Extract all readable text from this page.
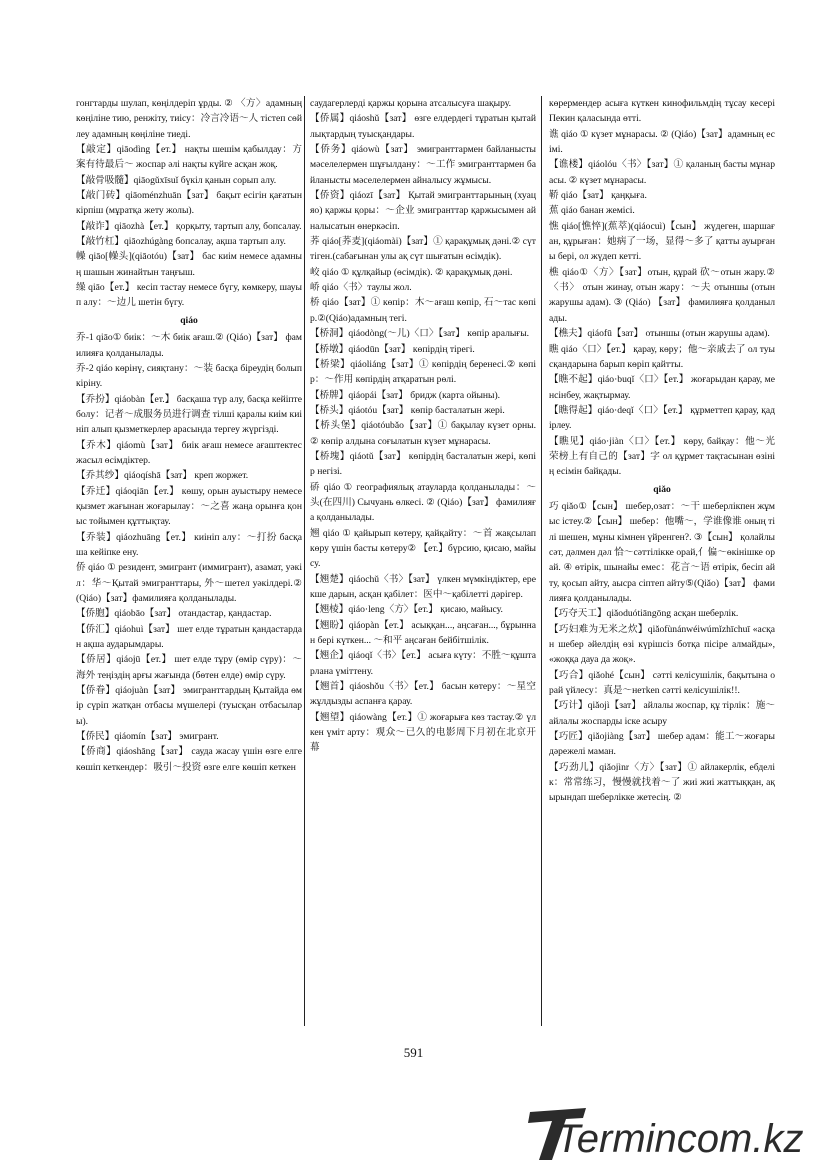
гонгтарды шулап, көңілдеріп ұрды. ② 〈方〉адамның көңіліне тию, ренжіту, тиісу：冷言冷语～人 тістеп сөйлеу адамның көңіліне тиеді.
【敲定】qiāodìng【ет.】 нақты шешім қабылдау：方案有待最后～ жоспар әлі нақты күйге асқан жоқ.
【敲骨吸髓】qiāogǔxīsuǐ бүкіл қанын сорып алу.
【敲门砖】qiāoménzhuān【зат】 бақыт есігін қағатын кірпіш (мұратқа жету жолы).
【敲诈】qiāozhà【ет.】 қорқыту, тартып алу, бопсалау.
【敲竹杠】qiāozhúgàng бопсалау, ақша тартып алу.
幧 qiāo[幧头](qiāotóu)【зат】 бас киім немесе адамның шашын жинайтын таңғыш.
缲 qiāo【ет.】 кесіп тастау немесе бүгу, көмкеру, шауып алу：～边儿 шетін бүгу.
qiáo
乔-1 qiāo① биік：～木 биік ағаш.② (Qiáo)【зат】 фамилияға қолданылады.
乔-2 qiáo көрінү, сияқтану：～装 басқа біреудің болып кіріну.
【乔扮】qiáobàn【ет.】 басқаша түр алу, басқа кейіпте болу：记者～成服务员进行调查 тілші қаралы киім киініп алып қызметкерлер арасында тергеу жүргізді.
【乔木】qiáomù【зат】 биік ағаш немесе ағаштектес жасыл өсімдіктер.
【乔其纱】qiáoqíshā【зат】 креп жоржет.
【乔迁】qiáoqiān【ет.】 көшу, орын ауыстыру немесе қызмет жағынан жоғарылау：～之喜 жаңа орынға қоныс тойымен құттықтау.
【乔装】qiáozhuāng【ет.】 киініп алу：～打扮 басқаша кейіпке ену.
侨 qiáo ① резидент, эмигрант (иммигрант), азамат, уәкіл：华～Қытай эмигранттары, 外～шетел уәкілдері.② (Qiáo)【зат】фамилияға қолданылады.
【侨胞】qiáobāo【зат】 отандастар, қандастар.
【侨汇】qiáohuì【зат】 шет елде тұратын қандастардан ақша аударымдары.
【侨居】qiáojū【ет.】 шет елде тұру (өмір сүру)：～海外 теңіздің арғы жағында (бөтен елде) өмір сүру.
【侨眷】qiáojuàn【зат】 эмигранттардың Қытайда өмір сүріп жатқан отбасы мүшелері (туысқан отбасылары).
【侨民】qiáomín【зат】 эмигрант.
【侨商】qiáoshāng【зат】 сауда жасау үшін өзге елге көшіп кеткендер：吸引～投资 өзге елге көшіп кеткен
саудагерлерді қаржы қорына атсалысуға шақыру.
【侨属】qiáoshǔ【зат】 өзге елдердегі тұратын қытайлықтардың туысқандары.
【侨务】qiáowù【зат】 эмигранттармен байланысты мәселелермен шұғылдану：～工作 эмигранттармен байланысты мәселелермен айналысу жұмысы.
【侨资】qiáozī【зат】 Қытай эмигранттарының (хуацяо) қаржы қоры：～企业 эмигранттар қаржысымен айналысатын өнеркәсіп.
荞 qiáo[荞麦](qiáomài)【зат】① қарақұмық дәні.② сүттіген.(сабағынан улы ақ сүт шығатын өсімдік).
峧 qiáo ① құлқайыр (өсімдік). ② қарақұмық дәні.
峤 qiáo〈书〉таулы жол.
桥 qiáo【зат】① көпір：木～ағаш көпір, 石～тас көпір.②(Qiáo)адамның тегі.
【桥洞】qiáodòng(～儿)〈口〉【зат】 көпір аралығы.
【桥墩】qiáodūn【зат】 көпірдің тірегі.
【桥梁】qiáoliáng【зат】① көпірдің беренесі.② көпір：～作用 көпірдің атқаратын рөлі.
【桥牌】qiáopái【зат】 бридж (карта ойыны).
【桥头】qiáotóu【зат】 көпір басталатын жері.
【桥头堡】qiáotóubǎo【зат】① бақылау күзет орны.② көпір алдына соғылатын күзет мұнарасы.
【桥塊】qiáotǔ【зат】 көпірдің басталатын жері, көпір негізі.
硚 qiáo ① географиялық атауларда қолданылады：～头(在四川) Сычуань өлкесі. ② (Qiáo)【зат】 фамилияға қолданылады.
翘 qiáo ① қайырып көтеру, қайқайту：～首 жақсылап көру үшін басты көтеру② 【ет.】бүрсию, қисаю, майысу.
【翘楚】qiáochǔ〈书〉【зат】 үлкен мүмкіндіктер, ерекше дарын, асқан қабілет：医中～қабілетті дәрігер.
【翘棱】qiáo·leng〈方〉【ет.】 қисаю, майысу.
【翘盼】qiáopàn【ет.】 асыққан..., аңсаған..., бұрыннан бері күткен... ～和平 аңсаған бейбітшілік.
【翘企】qiáoqǐ〈书〉【ет.】 асыға күту：不胜～құштарлана үміттену.
【翘首】qiáoshǒu〈书〉【ет.】 басын көтеру：～星空 жұлдызды аспанға қарау.
【翘望】qiáowàng【ет.】① жоғарыға көз тастау.② үлкен үміт арту：观众～已久的电影周下月初在北京开幕
көрермендер асыға күткен кинофильмдің тұсау кесері Пекин қаласында өтті.
谯 qiáo ① күзет мұнарасы. ② (Qiáo)【зат】адамның есімі.
【谯楼】qiáolóu〈书〉【зат】① қаланың басты мұнарасы. ② күзет мұнарасы.
鞒 qiáo【зат】 қаңқыға.
蕉 qiáo банан жемісі.
憔 qiáo[憔悴](蕉萃)(qiáocuì)【сын】 жүдеген, шаршаған, құрыған：她病了一场，显得～多了 қатты ауырғаны бері, ол жүдеп кетті.
樵 qiáo①〈方〉【зат】отын, құрай 砍～отын жару.②〈书〉 отын жинау, отын жару：～夫 отыншы (отын жарушы адам). ③ (Qiáo) 【зат】 фамилияға қолданылады.
【樵夫】qiáofū【зат】 отыншы (отын жарушы адам).
瞧 qiáo〈口〉【ет.】 қарау, көру；他～亲戚去了 ол туысқандарына барып көріп қайтты.
【瞧不起】qiáo·buqǐ〈口〉【ет.】 жоғарыдан қарау, менсінбеу, жақтырмау.
【瞧得起】qiáo·deqǐ〈口〉【ет.】 құрметтеп қарау, қадірлеу.
【瞧见】qiáo·jiàn〈口〉【ет.】 көру, байқау：他～光荣榜上有自己的【зат】字 ол құрмет тақтасынан өзінің есімін байқады.
qiǎo
巧 qiǎo①【сын】 шебер,озат：～干 шеберлікпен жұмыс істеу.②【сын】 шебер：他嘴～，学谁像谁 оның тілі шешен, мұны кімнен үйренген?. ③【сын】 қолайлы сәт, дәлмен дәл 恰～сәттілікке орай,亻偏～өкінішке орай. ④ өтірік, шынайы емес：花言～语 өтірік, бесіп айту, қосып айту, аысра сіптеп айту⑤(Qiǎo)【зат】 фамилияға қолданылады.
【巧夺天工】qiǎoduótiāngōng асқан шеберлік.
【巧妇难为无米之炊】qiǎofùnánwéiwúmǐzhīchuī «асқан шебер әйелдің өзі күрішсіз ботқа пісіре алмайды», «жоққа дауа да жоқ».
【巧合】qiǎohé【сын】 сәтті келісушілік, бақытына орай үйлесу：真是～нетken сәтті келісушілік!!.
【巧计】qiǎojì【зат】 айлалы жоспар, құ тірлік：施～айлалы жоспарды іске асыру
【巧匠】qiǎojiàng【зат】 шебер адам：能工～жоғары дәрежелі маман.
【巧劲儿】qiǎojìnr〈方〉【зат】① айлакерлік, ебделік：常常练习，慢慢就找着～了 жиі жиі жаттыққан, ақырындап шеберлікке жетесің. ②
591
Termincom.kz
